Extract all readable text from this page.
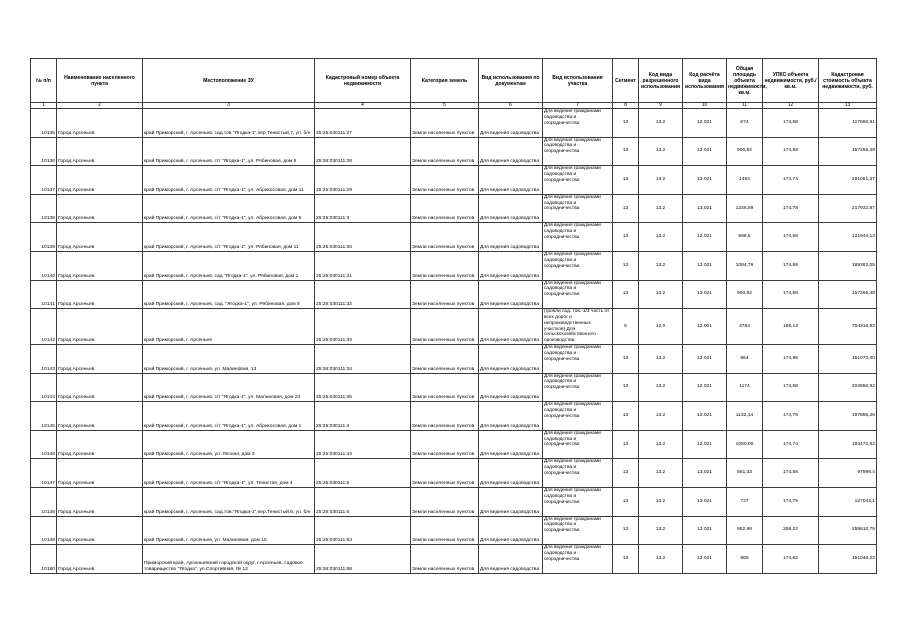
№ п/п	Наименование населенного пункта	Местоположение ЗУ	Кадастровый номер объекта недвижимости	Категория земель	Вид использования по документам	Вид использования участка	Сегмент	Код вида разрешенного использования	Код расчёта вида использования	Общая площадь объекта недвижимости, кв.м.	УПКС объекта недвижимости, руб./кв.м.	Кадастровая стоимость объекта недвижимости, руб.
1	2	3	4	5	6	7	8	9	10	11	12	13
10135	Город Арсеньев	край Приморский, г. Арсеньев, сад.тов "Ягодка-1",пер Тенистый,7, ул. б/н	25:26:030111:27	Земли населенных пунктов	Для ведения садоводства	Для ведения гражданами садоводства и огородничества	13	13.2	13.021	674	174,58	117666,91
10136	Город Арсеньев	край Приморский, г. Арсеньев, с/т "Ягодка-1", ул. Рябиновая, дом 6	25:26:030111:28	Земли населенных пунктов	Для ведения садоводства	Для ведения гражданами садоводства и огородничества	13	13.2	13.021	900,82	174,58	157266,48
10137	Город Арсеньев	край Приморский, г. Арсеньев, с/т "Ягодка-1", ул. Абрикосовая, дом 11	25:26:030111:29	Земли населенных пунктов	Для ведения садоводства	Для ведения гражданами садоводства и огородничества	13	13.2	13.021	1494	174,74	261061,37
10138	Город Арсеньев	край Приморский, г. Арсеньев, с/т "Ягодка-1", ул. Абрикосовая, дом 5	25:26:030111:3	Земли населенных пунктов	Для ведения садоводства	Для ведения гражданами садоводства и огородничества	13	13.2	13.021	1246,89	174,78	217932,87
10139	Город Арсеньев	край Приморский, г. Арсеньев, с/т "Ягодка-1", ул. Рябиновая, дом 11	25:26:030111:30	Земли населенных пунктов	Для ведения садоводства	Для ведения гражданами садоводства и огородничества	13	13.2	13.021	698,5	174,58	121944,13
10140	Город Арсеньев	край Приморский, г. Арсеньев, сад "Ягодка-1", ул. Рябиновая, дом 1	25:26:030111:31	Земли населенных пунктов	Для ведения садоводства	Для ведения гражданами садоводства и огородничества	13	13.2	13.021	1084,76	174,58	189382,05
10141	Город Арсеньев	край Приморский, г. Арсеньев, сад. "Ягодка-1", ул. Рябиновая, дом 8	25:26:030111:32	Земли населенных пунктов	Для ведения садоводства	Для ведения гражданами садоводства и огородничества	13	13.2	13.021	900,82	174,58	157266,48
10142	Город Арсеньев	край Приморский, г. Арсеньев	25:26:030111:33	Земли населенных пунктов	Для ведения садоводства	(гробли сад. тов.-1/3 часть от всех дорог и непроизводственных участков) Для сельскохозяйственного производства	6	12.0	12.001	3784	186,13	704316,92
10143	Город Арсеньев	край Приморский, г. Арсеньев, ул. Малиновая, 13	25:26:030111:34	Земли населенных пунктов	Для ведения садоводства	Для ведения гражданами садоводства и огородничества	13	13.2	13.021	864	174,85	151070,40
10144	Город Арсеньев	край Приморский, г. Арсеньев, с/т "Ягодка-1", ул. Малиновая, дом 24	25:26:030111:35	Земли населенных пунктов	Для ведения садоводства	Для ведения гражданами садоводства и огородничества	13	13.2	13.021	1174	174,58	204956,92
10145	Город Арсеньев	край Приморский, г. Арсеньев, с/т "Ягодка-1", ул. Абрикосовая, дом 1	25:26:030111:4	Земли населенных пунктов	Для ведения садоводства	Для ведения гражданами садоводства и огородничества	13	13.2	13.021	1132,14	174,79	197886,26
10146	Город Арсеньев	край Приморский, г. Арсеньев, ул. Лесная, дом 3	25:26:030111:44	Земли населенных пунктов	Для ведения садоводства	Для ведения гражданами садоводства и огородничества	13	13.2	13.021	1050,00	174,74	183472,52
10147	Город Арсеньев	край Приморский, г. Арсеньев, с/т "Ягодка-1", ул. Тенистая, дом 4	25:26:030111:5	Земли населенных пунктов	Для ведения садоводства	Для ведения гражданами садоводства и огородничества	13	13.2	13.021	561,33	174,58	97999,4
10148	Город Арсеньев	край Приморский, г. Арсеньев, сад.тов."Ягодка-1",пер.Тенистый,6, ул. б/н	25:26:030111:6	Земли населенных пунктов	Для ведения садоводства	Для ведения гражданами садоводства и огородничества	13	13.2	13.021	727	174,75	127043,1
10149	Город Арсеньев	край Приморский, г. Арсеньев, ул. Малиновая, дом 15	25:26:030111:63	Земли населенных пунктов	Для ведения садоводства	Для ведения гражданами садоводства и огородничества	13	13.2	13.021	952,98	268,22	255610,79
10150	Город Арсеньев	Приморский край, Арсеньевский городской округ, г.Арсеньев, садовое товарищество "Ягодка", ул.Спортивная, № 12	25:26:030111:68	Земли населенных пунктов	Для ведения садоводства	Для ведения гражданами садоводства и огородничества	13	13.2	13.021	865	174,62	151046,22
